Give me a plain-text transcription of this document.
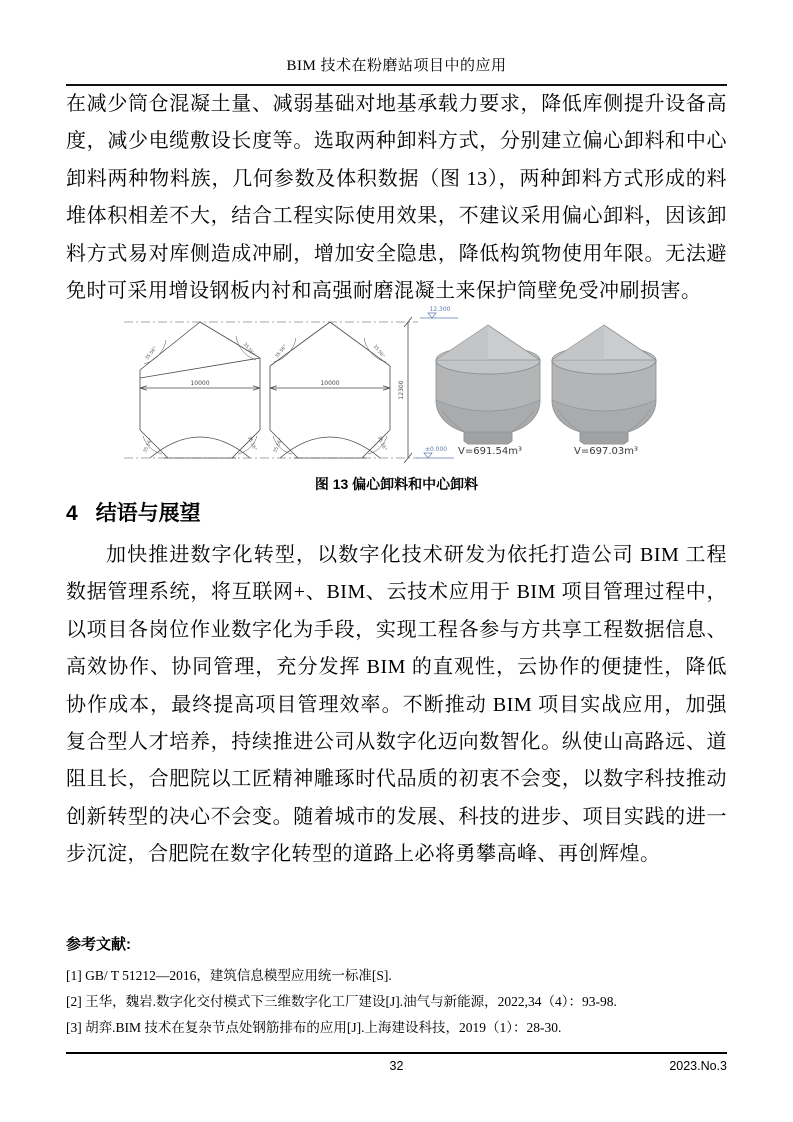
BIM 技术在粉磨站项目中的应用

在减少筒仓混凝土量、减弱基础对地基承载力要求，降低库侧提升设备高度，减少电缆敷设长度等。选取两种卸料方式，分别建立偏心卸料和中心卸料两种物料族，几何参数及体积数据（图 13），两种卸料方式形成的料堆体积相差不大，结合工程实际使用效果，不建议采用偏心卸料，因该卸料方式易对库侧造成冲刷，增加安全隐患，降低构筑物使用年限。无法避免时可采用增设钢板内衬和高强耐磨混凝土来保护筒壁免受冲刷损害。

10000
35.56°	35.56°
35.56°	35.56°
10000
35.56°	35.56°
35.56°	35.56°
12300
12.300
±0.000 V=691.54m³	V=697.03m³
图 13 偏心卸料和中心卸料
4 结语与展望

加快推进数字化转型，以数字化技术研发为依托打造公司 BIM 工程数据管理系统，将互联网+、BIM、云技术应用于 BIM 项目管理过程中，以项目各岗位作业数字化为手段，实现工程各参与方共享工程数据信息、高效协作、协同管理，充分发挥 BIM 的直观性，云协作的便捷性，降低协作成本，最终提高项目管理效率。不断推动 BIM 项目实战应用，加强复合型人才培养，持续推进公司从数字化迈向数智化。纵使山高路远、道阻且长，合肥院以工匠精神雕琢时代品质的初衷不会变，以数字科技推动创新转型的决心不会变。随着城市的发展、科技的进步、项目实践的进一步沉淀，合肥院在数字化转型的道路上必将勇攀高峰、再创辉煌。

参考文献:
[1] GB/ T 51212—2016，建筑信息模型应用统一标准[S].
[2] 王华，魏岩.数字化交付模式下三维数字化工厂建设[J].油气与新能源，2022,34（4）：93-98.
[3] 胡弈.BIM 技术在复杂节点处钢筋排布的应用[J].上海建设科技，2019（1）：28-30.
32	2023.No.3
